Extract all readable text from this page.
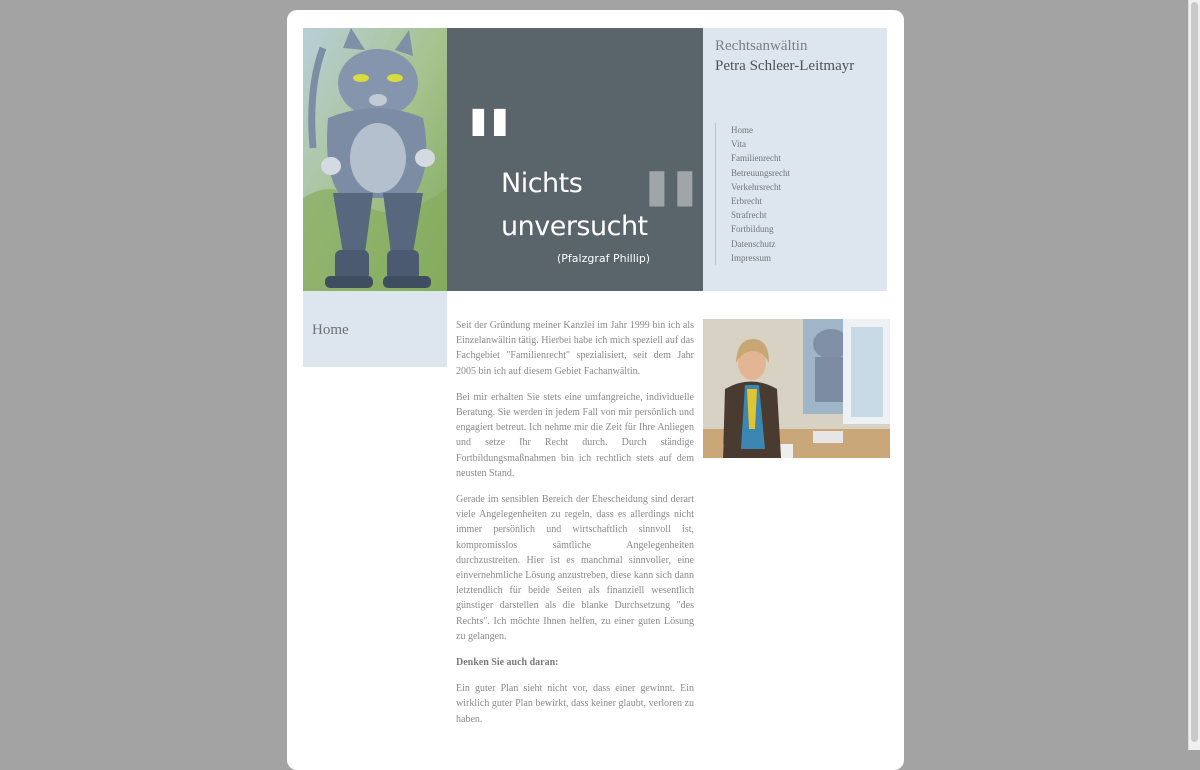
" "
Nichts
unversucht
(Pfalzgraf Phillip)
Rechtsanwältin
Petra Schleer-Leitmayr
Home
Vita
Familienrecht
Betreuungsrecht
Verkehrsrecht
Erbrecht
Strafrecht
Fortbildung
Datenschutz
Impressum
Home	Seit der Gründung meiner Kanzlei im Jahr 1999 bin ich als Einzelanwältin tätig. Hierbei habe ich mich speziell auf das Fachgebiet "Familienrecht" spezialisiert, seit dem Jahr 2005 bin ich auf diesem Gebiet Fachanwältin.

Bei mir erhalten Sie stets eine umfangreiche, individuelle Beratung. Sie werden in jedem Fall von mir persönlich und engagiert betreut. Ich nehme mir die Zeit für Ihre Anliegen und setze Ihr Recht durch. Durch ständige Fortbildungsmaßnahmen bin ich rechtlich stets auf dem neusten Stand.

Gerade im sensiblen Bereich der Ehescheidung sind derart viele Angelegenheiten zu regeln, dass es allerdings nicht immer persönlich und wirtschaftlich sinnvoll ist, kompromisslos sämtliche Angelegenheiten durchzustreiten. Hier ist es manchmal sinnvoller, eine einvernehmliche Lösung anzustreben, diese kann sich dann letztendlich für beide Seiten als finanziell wesentlich günstiger darstellen als die blanke Durchsetzung "des Rechts". Ich möchte Ihnen helfen, zu einer guten Lösung zu gelangen.

Denken Sie auch daran:

Ein guter Plan sieht nicht vor, dass einer gewinnt. Ein wirklich guter Plan bewirkt, dass keiner glaubt, verloren zu haben.
